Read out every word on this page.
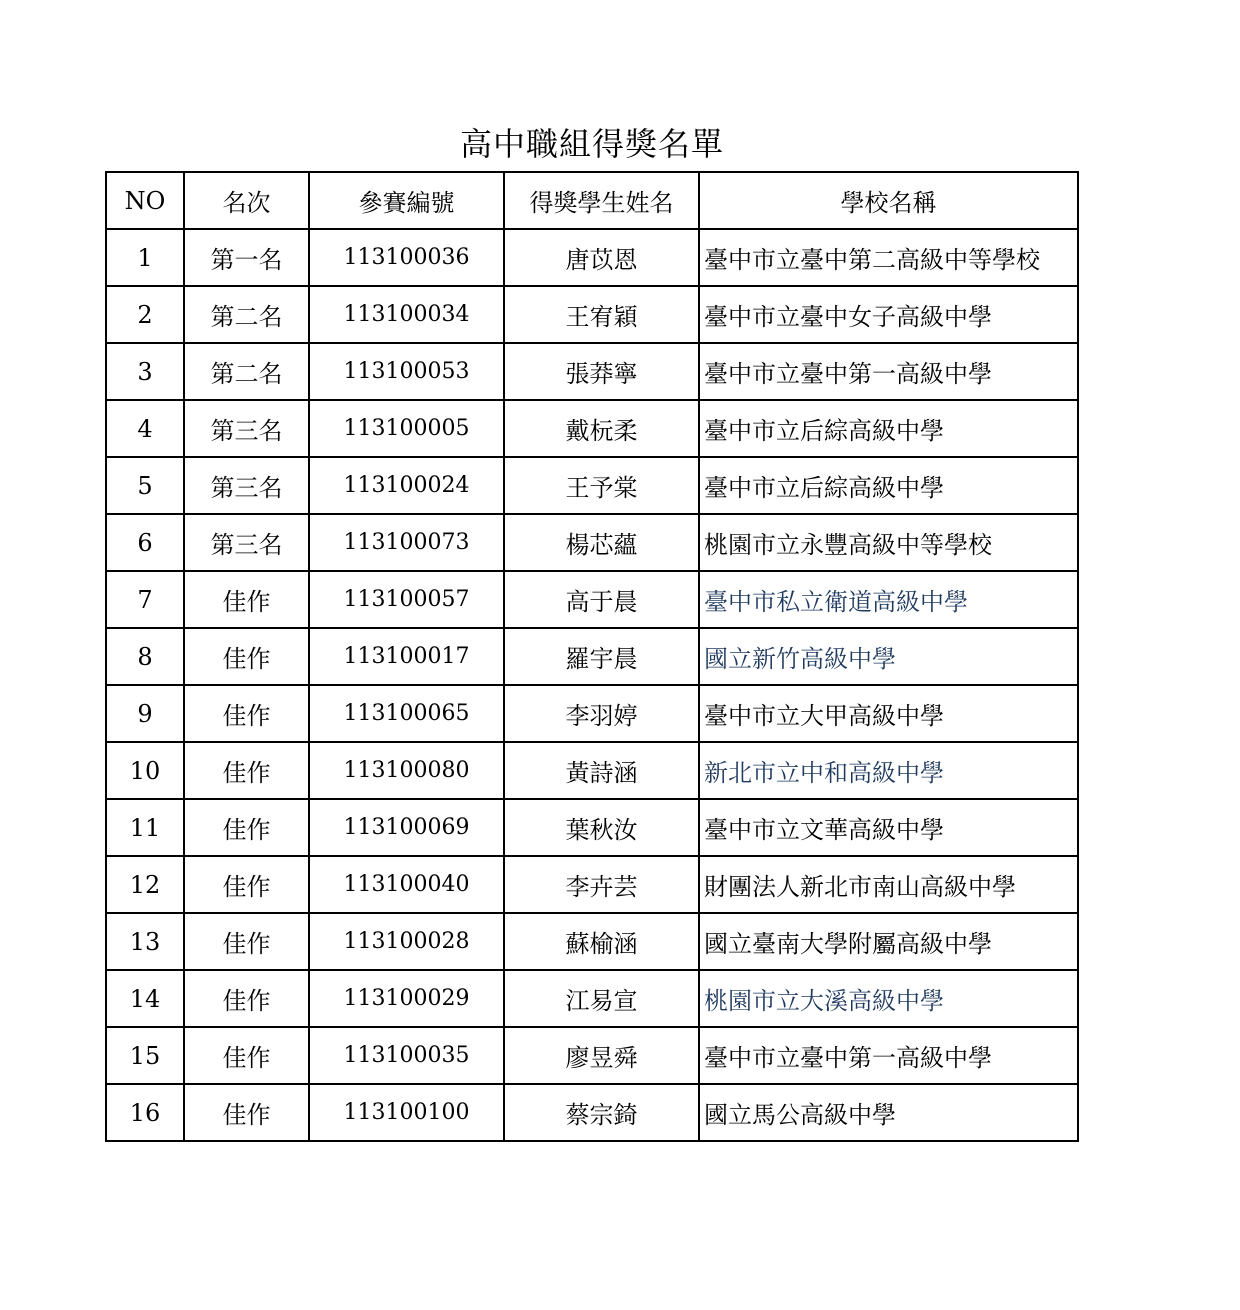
高中職組得獎名單
NO	名次	參賽編號	得獎學生姓名	學校名稱
1	第一名	113100036	唐苡恩	臺中市立臺中第二高級中等學校
2	第二名	113100034	王宥穎	臺中市立臺中女子高級中學
3	第二名	113100053	張莽寧	臺中市立臺中第一高級中學
4	第三名	113100005	戴杬柔	臺中市立后綜高級中學
5	第三名	113100024	王予棠	臺中市立后綜高級中學
6	第三名	113100073	楊芯蘊	桃園市立永豐高級中等學校
7	佳作	113100057	高于晨	臺中市私立衛道高級中學
8	佳作	113100017	羅宇晨	國立新竹高級中學
9	佳作	113100065	李羽婷	臺中市立大甲高級中學
10	佳作	113100080	黃詩涵	新北市立中和高級中學
11	佳作	113100069	葉秋汝	臺中市立文華高級中學
12	佳作	113100040	李卉芸	財團法人新北市南山高級中學
13	佳作	113100028	蘇榆涵	國立臺南大學附屬高級中學
14	佳作	113100029	江易宣	桃園市立大溪高級中學
15	佳作	113100035	廖昱舜	臺中市立臺中第一高級中學
16	佳作	113100100	蔡宗錡	國立馬公高級中學
